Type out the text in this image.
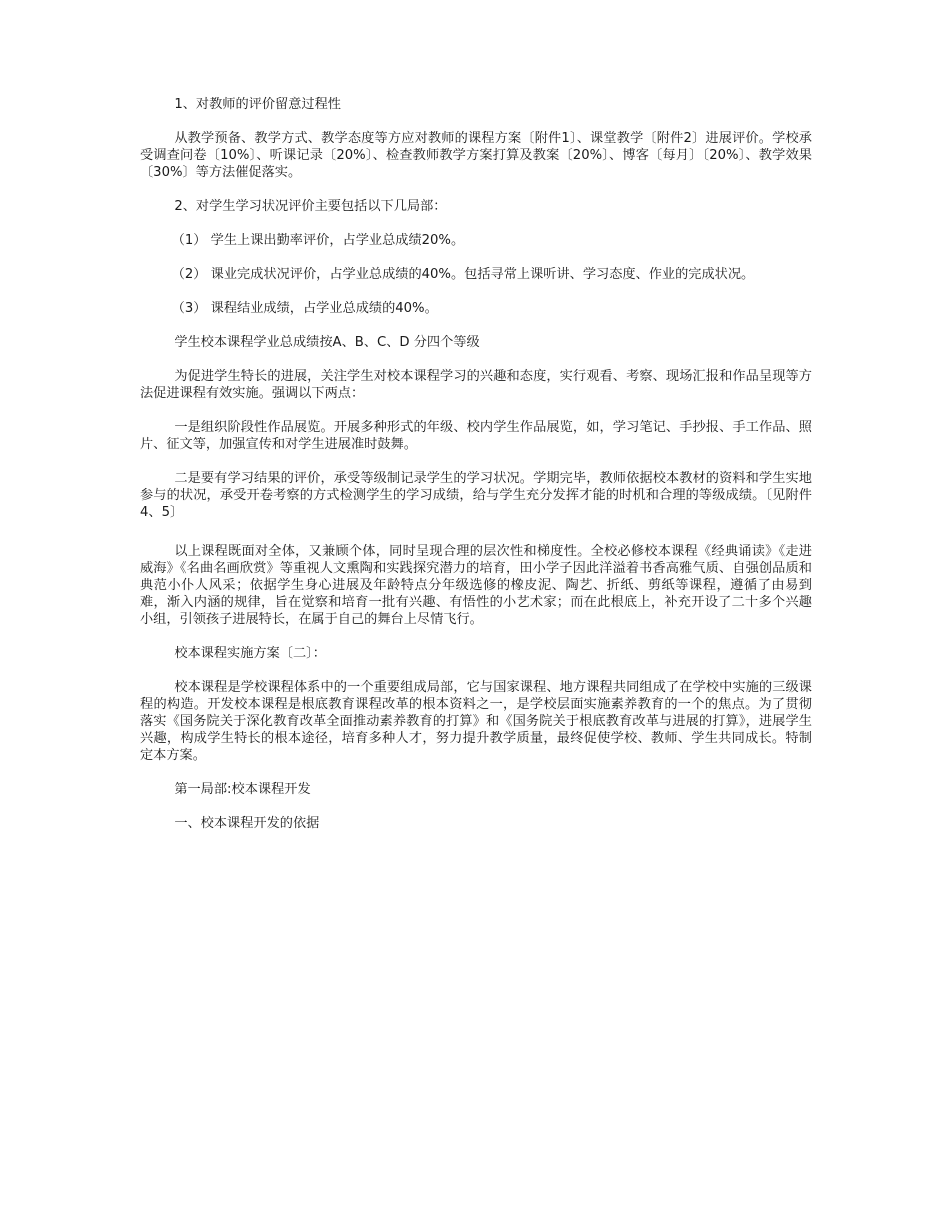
1、对教师的评价留意过程性

从教学预备、教学方式、教学态度等方应对教师的课程方案〔附件1〕、课堂教学〔附件2〕进展评价。学校承受调查问卷〔10%〕、听课记录〔20%〕、检查教师教学方案打算及教案〔20%〕、博客〔每月〕〔20%〕、教学效果〔30%〕等方法催促落实。

2、对学生学习状况评价主要包括以下几局部：

（1） 学生上课出勤率评价，占学业总成绩20%。

（2） 课业完成状况评价，占学业总成绩的40%。包括寻常上课听讲、学习态度、作业的完成状况。

（3） 课程结业成绩，占学业总成绩的40%。

学生校本课程学业总成绩按A、B、C、D 分四个等级

为促进学生特长的进展，关注学生对校本课程学习的兴趣和态度，实行观看、考察、现场汇报和作品呈现等方法促进课程有效实施。强调以下两点：

一是组织阶段性作品展览。开展多种形式的年级、校内学生作品展览，如，学习笔记、手抄报、手工作品、照片、征文等，加强宣传和对学生进展准时鼓舞。

二是要有学习结果的评价，承受等级制记录学生的学习状况。学期完毕，教师依据校本教材的资料和学生实地参与的状况，承受开卷考察的方式检测学生的学习成绩，给与学生充分发挥才能的时机和合理的等级成绩。〔见附件4、5〕

以上课程既面对全体，又兼顾个体，同时呈现合理的层次性和梯度性。全校必修校本课程《经典诵读》《走进威海》《名曲名画欣赏》等重视人文熏陶和实践探究潜力的培育，田小学子因此洋溢着书香高雅气质、自强创品质和典范小仆人风采；依据学生身心进展及年龄特点分年级选修的橡皮泥、陶艺、折纸、剪纸等课程，遵循了由易到难，渐入内涵的规律，旨在觉察和培育一批有兴趣、有悟性的小艺术家；而在此根底上，补充开设了二十多个兴趣小组，引领孩子进展特长，在属于自己的舞台上尽情飞行。

校本课程实施方案〔二〕：

校本课程是学校课程体系中的一个重要组成局部，它与国家课程、地方课程共同组成了在学校中实施的三级课程的构造。开发校本课程是根底教育课程改革的根本资料之一，是学校层面实施素养教育的一个的焦点。为了贯彻落实《国务院关于深化教育改革全面推动素养教育的打算》和《国务院关于根底教育改革与进展的打算》，进展学生兴趣，构成学生特长的根本途径，培育多种人才，努力提升教学质量，最终促使学校、教师、学生共同成长。特制定本方案。

第一局部:校本课程开发

一、校本课程开发的依据
